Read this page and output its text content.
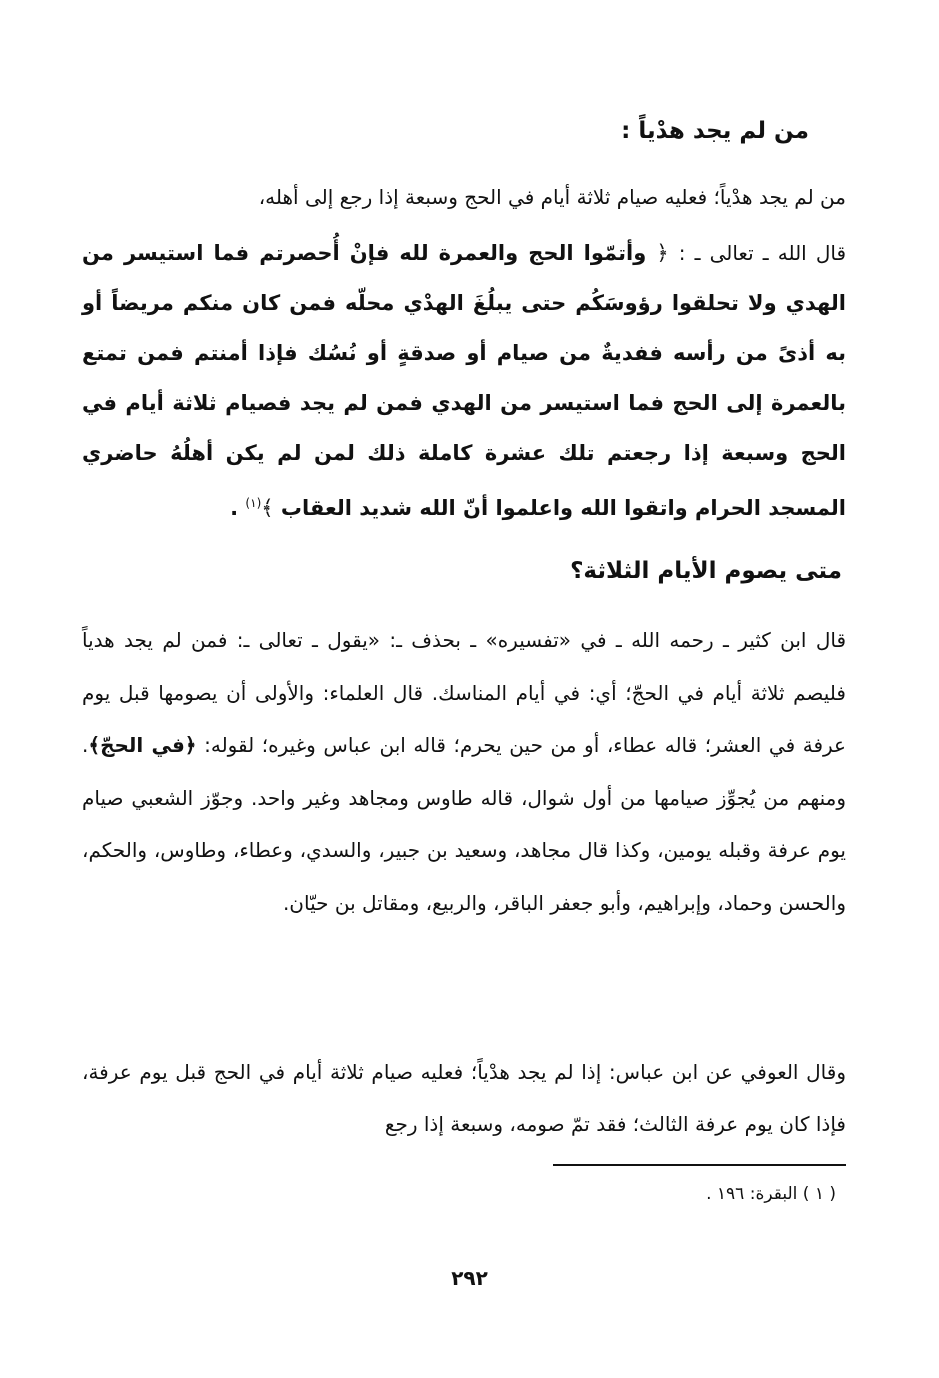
من لم يجد هدْياً :

من لم يجد هدْياً؛ فعليه صيام ثلاثة أيام في الحج وسبعة إذا رجع إلى أهله،

قال الله ـ تعالى ـ : ﴿ وأتمّوا الحج والعمرة لله فإنْ أُحصرتم فما استيسر من الهدي ولا تحلقوا رؤوسَكُم حتى يبلُغَ الهدْي محلّه فمن كان منكم مريضاً أو به أذىً من رأسه ففديةٌ من صيام أو صدقةٍ أو نُسُك فإذا أمنتم فمن تمتع بالعمرة إلى الحج فما استيسر من الهدي فمن لم يجد فصيام ثلاثة أيام في الحج وسبعة إذا رجعتم تلك عشرة كاملة ذلك لمن لم يكن أهلُهُ حاضري المسجد الحرام واتقوا الله واعلموا أنّ الله شديد العقاب ﴾$^{(١)}$ .

متى يصوم الأيام الثلاثة؟

قال ابن كثير ـ رحمه الله ـ في «تفسيره» ـ بحذف ـ: «يقول ـ تعالى ـ: فمن لم يجد هدياً فليصم ثلاثة أيام في الحجّ؛ أي: في أيام المناسك. قال العلماء: والأولى أن يصومها قبل يوم عرفة في العشر؛ قاله عطاء، أو من حين يحرم؛ قاله ابن عباس وغيره؛ لقوله: ﴿في الحجّ﴾. ومنهم من يُجوِّز صيامها من أول شوال، قاله طاوس ومجاهد وغير واحد. وجوّز الشعبي صيام يوم عرفة وقبله يومين، وكذا قال مجاهد، وسعيد بن جبير، والسدي، وعطاء، وطاوس، والحكم، والحسن وحماد، وإبراهيم، وأبو جعفر الباقر، والربيع، ومقاتل بن حيّان.

وقال العوفي عن ابن عباس: إذا لم يجد هدْياً؛ فعليه صيام ثلاثة أيام في الحج قبل يوم عرفة، فإذا كان يوم عرفة الثالث؛ فقد تمّ صومه، وسبعة إذا رجع

( ١ ) البقرة: ١٩٦ .

٢٩٢
